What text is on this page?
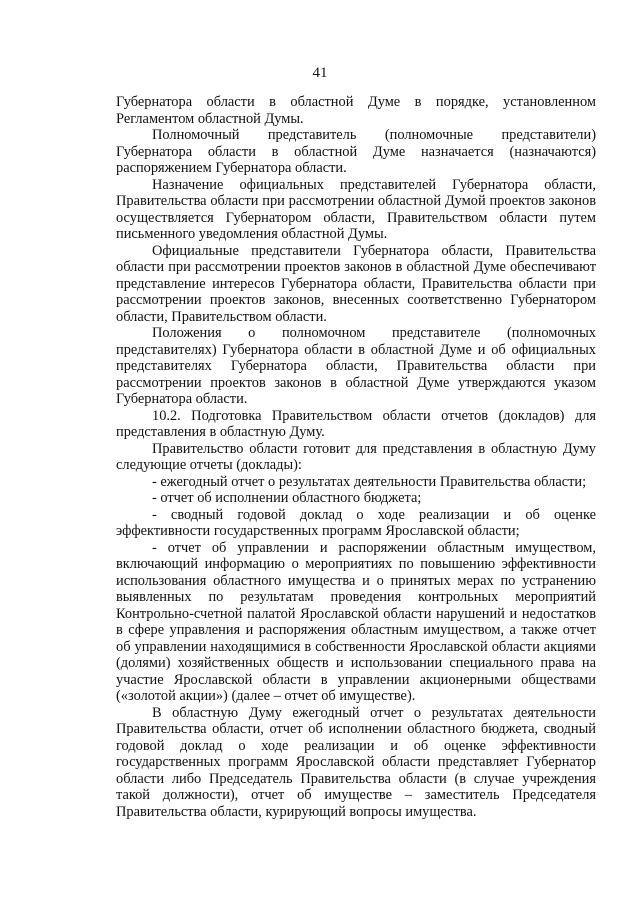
41

Губернатора области в областной Думе в порядке, установленном Регламентом областной Думы.

Полномочный представитель (полномочные представители) Губернатора области в областной Думе назначается (назначаются) распоряжением Губернатора области.

Назначение официальных представителей Губернатора области, Правительства области при рассмотрении областной Думой проектов законов осуществляется Губернатором области, Правительством области путем письменного уведомления областной Думы.

Официальные представители Губернатора области, Правительства области при рассмотрении проектов законов в областной Думе обеспечивают представление интересов Губернатора области, Правительства области при рассмотрении проектов законов, внесенных соответственно Губернатором области, Правительством области.

Положения о полномочном представителе (полномочных представителях) Губернатора области в областной Думе и об официальных представителях Губернатора области, Правительства области при рассмотрении проектов законов в областной Думе утверждаются указом Губернатора области.

10.2. Подготовка Правительством области отчетов (докладов) для представления в областную Думу.

Правительство области готовит для представления в областную Думу следующие отчеты (доклады):

- ежегодный отчет о результатах деятельности Правительства области;

- отчет об исполнении областного бюджета;

- сводный годовой доклад о ходе реализации и об оценке эффективности государственных программ Ярославской области;

- отчет об управлении и распоряжении областным имуществом, включающий информацию о мероприятиях по повышению эффективности использования областного имущества и о принятых мерах по устранению выявленных по результатам проведения контрольных мероприятий Контрольно-счетной палатой Ярославской области нарушений и недостатков в сфере управления и распоряжения областным имуществом, а также отчет об управлении находящимися в собственности Ярославской области акциями (долями) хозяйственных обществ и использовании специального права на участие Ярославской области в управлении акционерными обществами («золотой акции») (далее – отчет об имуществе).

В областную Думу ежегодный отчет о результатах деятельности Правительства области, отчет об исполнении областного бюджета, сводный годовой доклад о ходе реализации и об оценке эффективности государственных программ Ярославской области представляет Губернатор области либо Председатель Правительства области (в случае учреждения такой должности), отчет об имуществе – заместитель Председателя Правительства области, курирующий вопросы имущества.
